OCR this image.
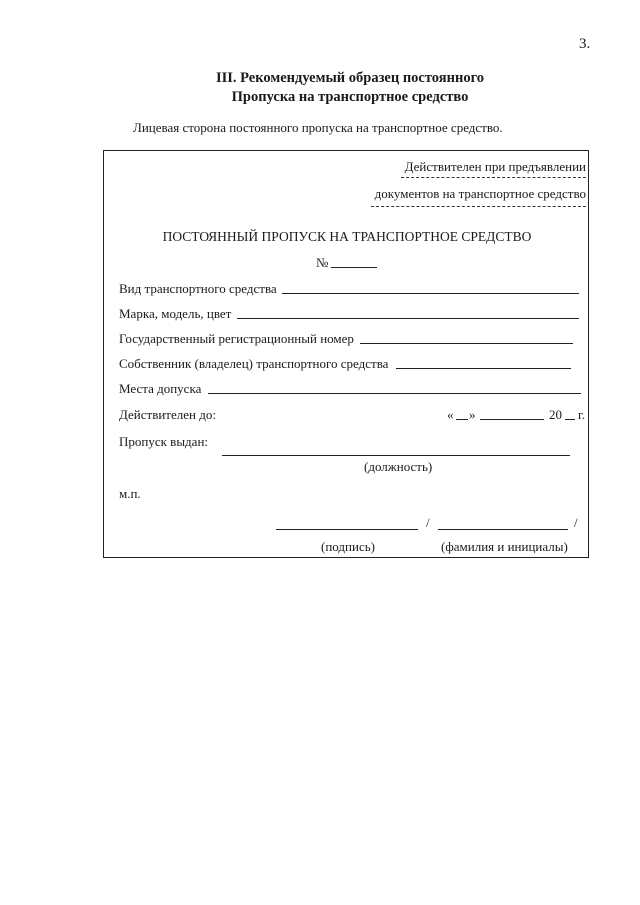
3.
III. Рекомендуемый образец постоянного
Пропуска на транспортное средство
Лицевая сторона постоянного пропуска на транспортное средство.
Действителен при предъявлении
документов на транспортное средство
ПОСТОЯННЫЙ ПРОПУСК НА ТРАНСПОРТНОЕ СРЕДСТВО
№
Вид транспортного средства
Марка, модель, цвет
Государственный регистрационный номер
Собственник (владелец) транспортного средства
Места допуска
Действителен до:	« »	20 г.
Пропуск выдан:
(должность)
м.п.
/	/
(подпись)	(фамилия и инициалы)
